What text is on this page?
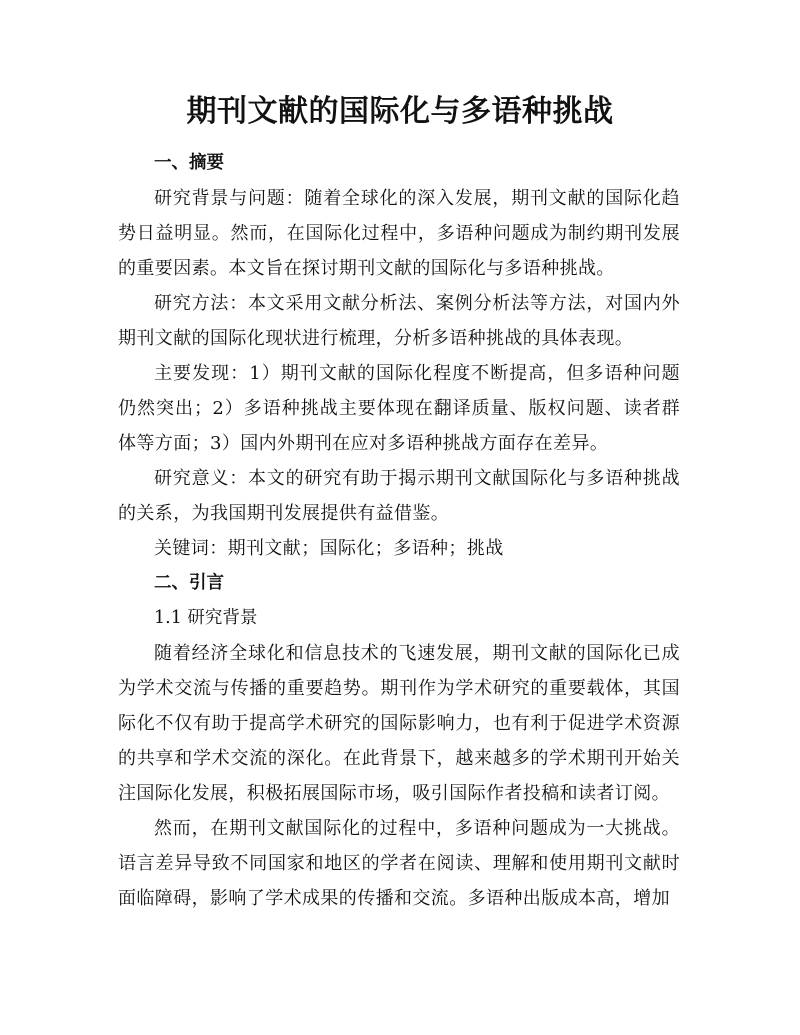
期刊文献的国际化与多语种挑战

一、摘要

研究背景与问题：随着全球化的深入发展，期刊文献的国际化趋势日益明显。然而，在国际化过程中，多语种问题成为制约期刊发展的重要因素。本文旨在探讨期刊文献的国际化与多语种挑战。

研究方法：本文采用文献分析法、案例分析法等方法，对国内外期刊文献的国际化现状进行梳理，分析多语种挑战的具体表现。

主要发现：1）期刊文献的国际化程度不断提高，但多语种问题仍然突出；2）多语种挑战主要体现在翻译质量、版权问题、读者群体等方面；3）国内外期刊在应对多语种挑战方面存在差异。

研究意义：本文的研究有助于揭示期刊文献国际化与多语种挑战的关系，为我国期刊发展提供有益借鉴。

关键词：期刊文献；国际化；多语种；挑战

二、引言

1.1 研究背景

随着经济全球化和信息技术的飞速发展，期刊文献的国际化已成为学术交流与传播的重要趋势。期刊作为学术研究的重要载体，其国际化不仅有助于提高学术研究的国际影响力，也有利于促进学术资源的共享和学术交流的深化。在此背景下，越来越多的学术期刊开始关注国际化发展，积极拓展国际市场，吸引国际作者投稿和读者订阅。

然而，在期刊文献国际化的过程中，多语种问题成为一大挑战。语言差异导致不同国家和地区的学者在阅读、理解和使用期刊文献时面临障碍，影响了学术成果的传播和交流。多语种出版成本高，增加
